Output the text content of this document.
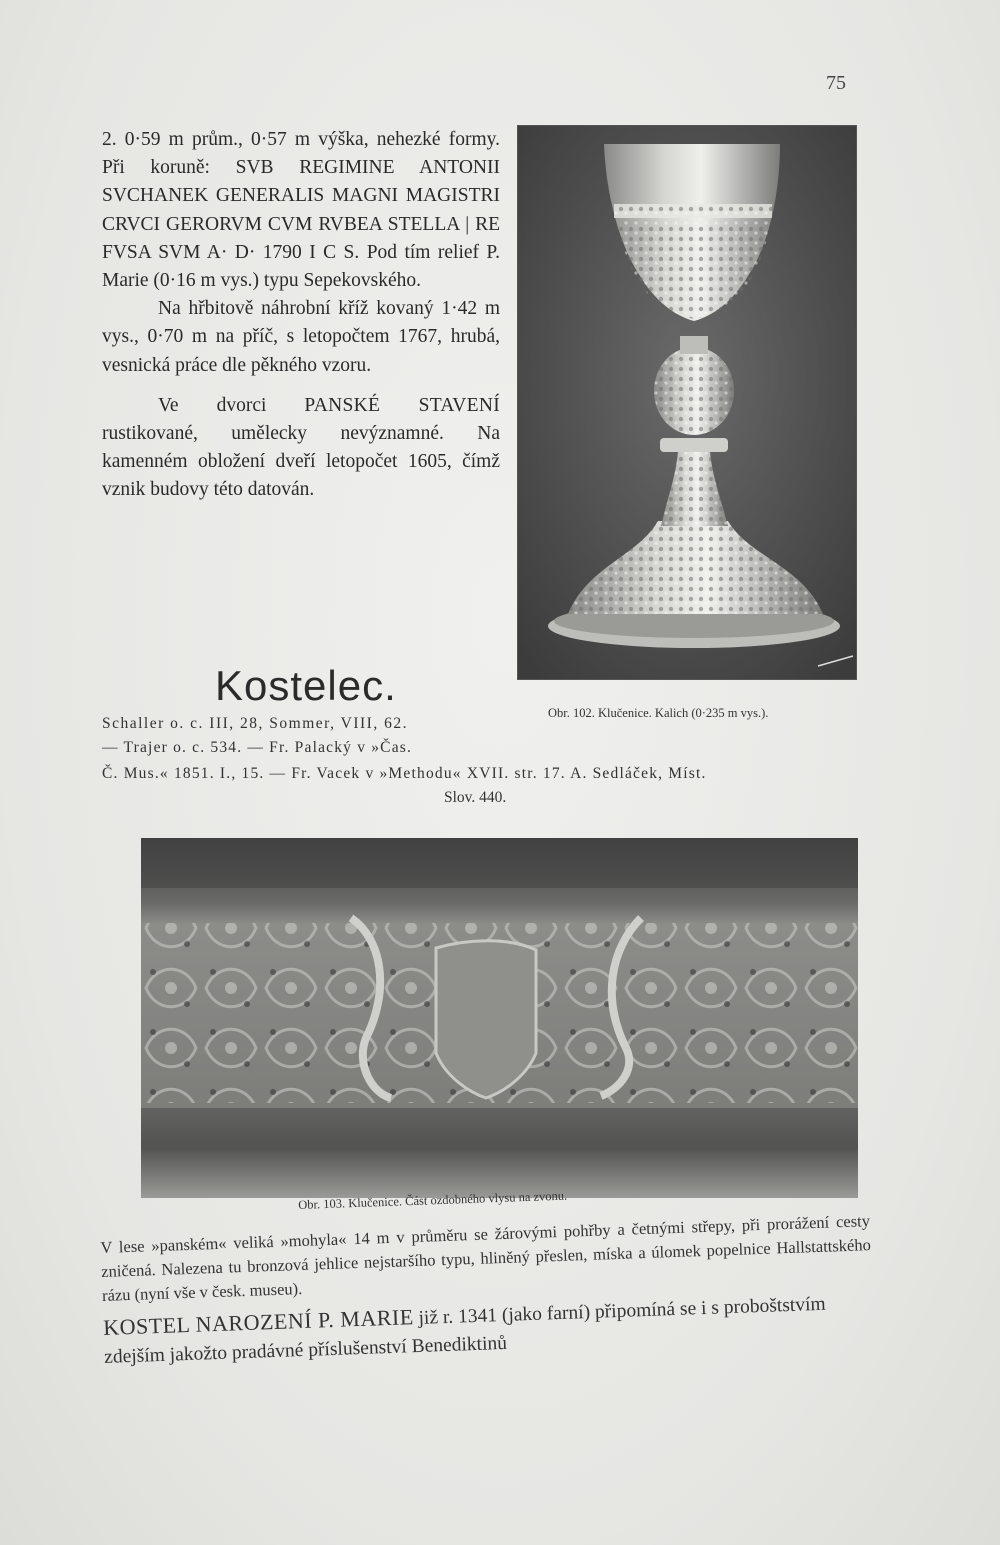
75

2. 0·59 m prům., 0·57 m výška, nehezké formy. Při koruně: SVB REGIMINE ANTONII SVCHANEK GENERALIS MAGNI MAGISTRI CRVCI GERORVM CVM RVBEA STELLA | RE FVSA SVM A· D· 1790 I C S. Pod tím relief P. Marie (0·16 m vys.) typu Sepekovského.

Na hřbitově náhrobní kříž kovaný 1·42 m vys., 0·70 m na příč, s letopočtem 1767, hrubá, vesnická práce dle pěkného vzoru.

Ve dvorci PANSKÉ STAVENÍ rustikované, umělecky nevýznamné. Na kamenném obložení dveří letopočet 1605, čímž vznik budovy této datován.

Obr. 102. Klučenice. Kalich (0·235 m vys.).
Kostelec.
Schaller o. c. III, 28, Sommer, VIII, 62.
— Trajer o. c. 534. — Fr. Palacký v »Čas.
Č. Mus.« 1851. I., 15. — Fr. Vacek v »Methodu« XVII. str. 17. A. Sedláček, Míst.
Slov. 440.
Obr. 103. Klučenice. Část ozdobného vlysu na zvonu.

V lese »panském« veliká »mohyla« 14 m v průměru se žárovými pohřby a četnými střepy, při prorážení cesty zničená. Nalezena tu bronzová jehlice nejstaršího typu, hliněný přeslen, míska a úlomek popelnice Hallstattského rázu (nyní vše v česk. museu).

KOSTEL NAROZENÍ P. MARIE již r. 1341 (jako farní) připomíná se i s proboštstvím zdejším jakožto pradávné příslušenství Benediktinů
